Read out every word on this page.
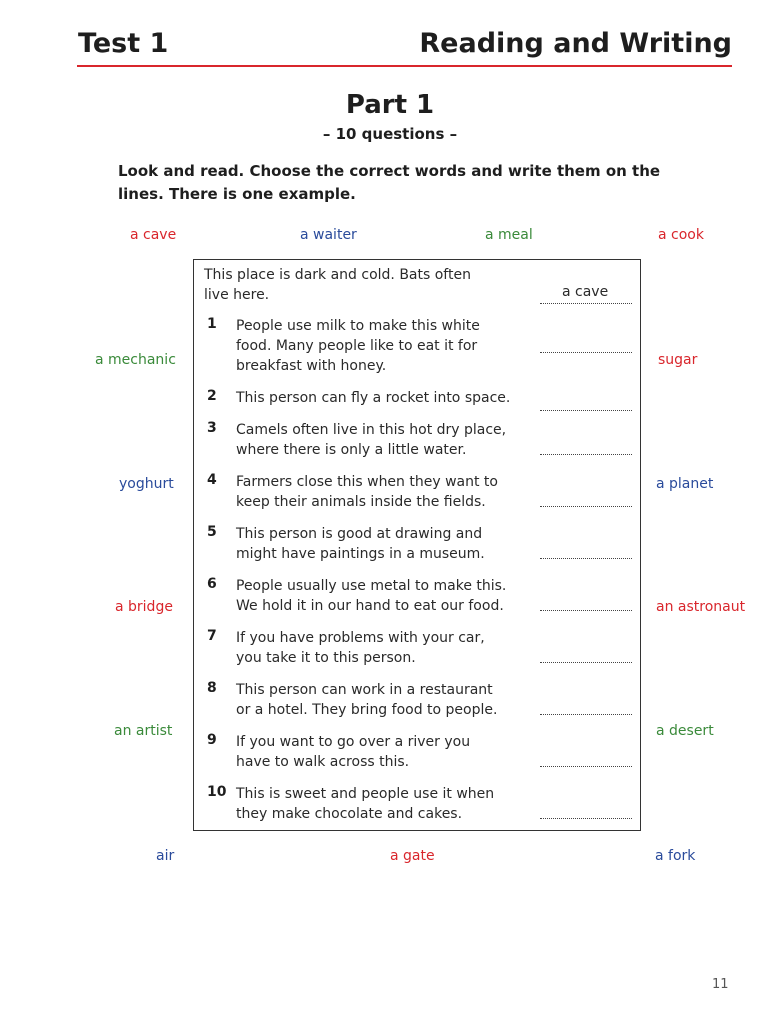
Test 1	Reading and Writing
Part 1
– 10 questions –
Look and read. Choose the correct words and write them on the lines. There is one example.
a cave	a waiter	a meal	a cook
a mechanic	sugar
yoghurt	a planet
a bridge	an astronaut
an artist	a desert
air	a gate	a fork
This place is dark and cold. Bats often
live here.	a cave
1 People use milk to make this white
food. Many people like to eat it for
breakfast with honey.
2 This person can fly a rocket into space.
3 Camels often live in this hot dry place,
where there is only a little water.
4 Farmers close this when they want to
keep their animals inside the fields.
5 This person is good at drawing and
might have paintings in a museum.
6 People usually use metal to make this.
We hold it in our hand to eat our food.
7 If you have problems with your car,
you take it to this person.
8 This person can work in a restaurant
or a hotel. They bring food to people.
9 If you want to go over a river you
have to walk across this.
10 This is sweet and people use it when
they make chocolate and cakes.
11
